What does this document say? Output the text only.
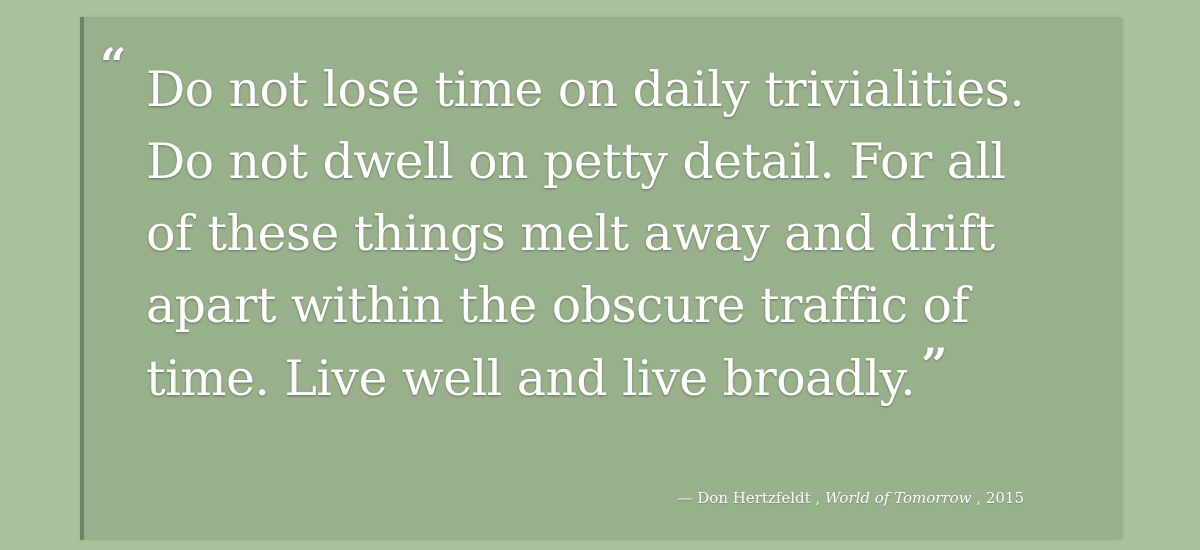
“ Do not lose time on daily trivialities. Do not dwell on petty detail. For all of these things melt away and drift apart within the obscure traffic of time. Live well and live broadly. ”

— Don Hertzfeldt , World of Tomorrow , 2015
